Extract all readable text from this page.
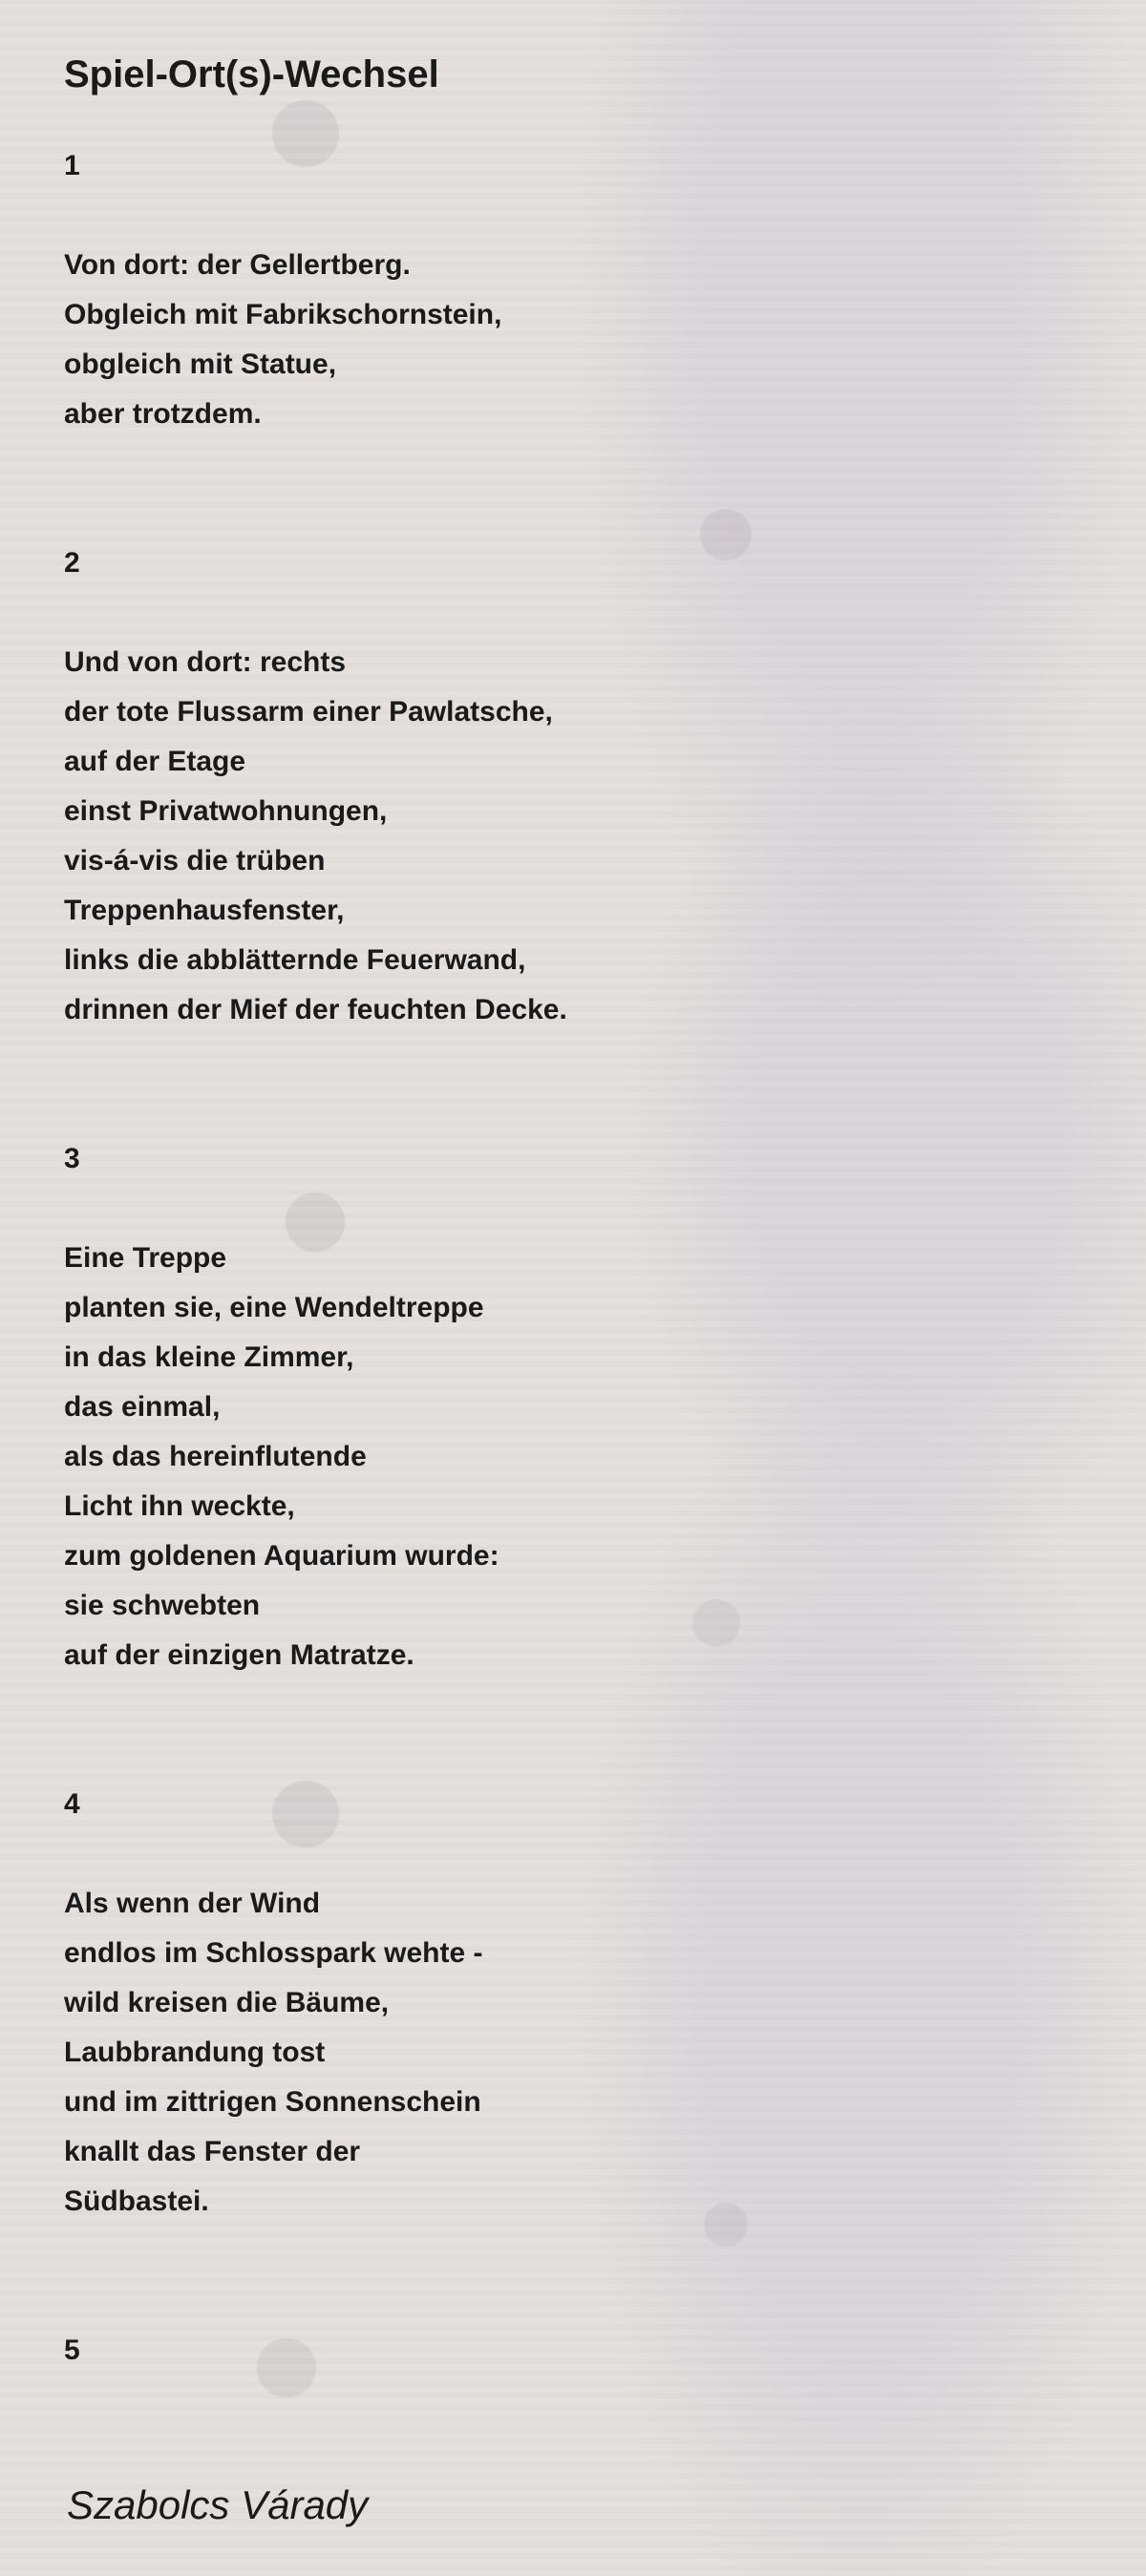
Spiel-Ort(s)-Wechsel
1
Von dort: der Gellertberg.
Obgleich mit Fabrikschornstein,
obgleich mit Statue,
aber trotzdem.
2
Und von dort: rechts
der tote Flussarm einer Pawlatsche,
auf der Etage
einst Privatwohnungen,
vis-á-vis die trüben
Treppenhausfenster,
links die abblätternde Feuerwand,
drinnen der Mief der feuchten Decke.
3
Eine Treppe
planten sie, eine Wendeltreppe
in das kleine Zimmer,
das einmal,
als das hereinflutende
Licht ihn weckte,
zum goldenen Aquarium wurde:
sie schwebten
auf der einzigen Matratze.
4
Als wenn der Wind
endlos im Schlosspark wehte -
wild kreisen die Bäume,
Laubbrandung tost
und im zittrigen Sonnenschein
knallt das Fenster der
Südbastei.
5

Szabolcs Várady
